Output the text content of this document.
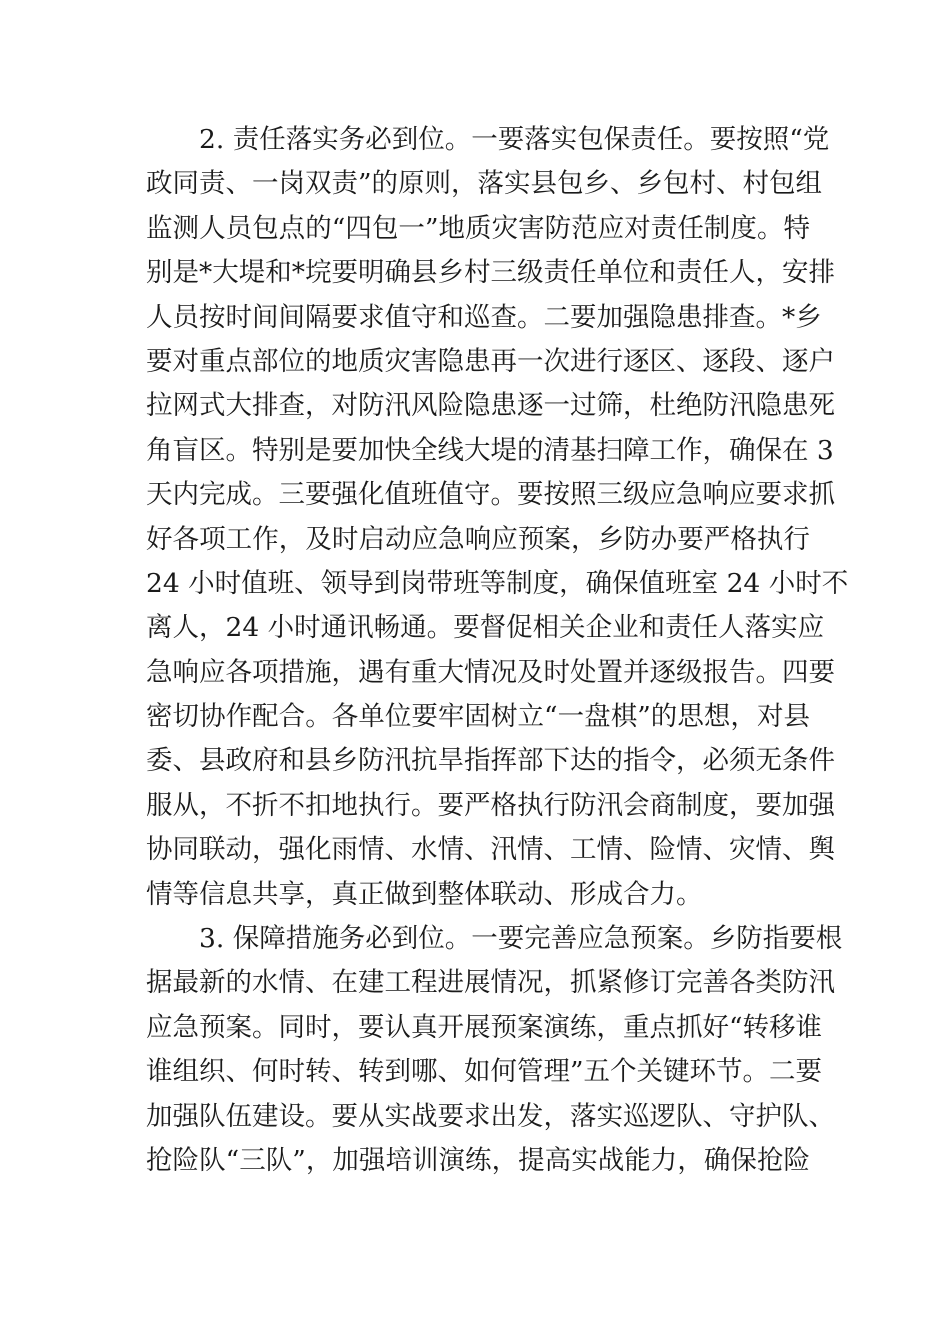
2. 责任落实务必到位。一要落实包保责任。要按照“党
政同责、一岗双责”的原则，落实县包乡、乡包村、村包组
监测人员包点的“四包一”地质灾害防范应对责任制度。特
别是*大堤和*垸要明确县乡村三级责任单位和责任人，安排
人员按时间间隔要求值守和巡查。二要加强隐患排查。*乡
要对重点部位的地质灾害隐患再一次进行逐区、逐段、逐户
拉网式大排查，对防汛风险隐患逐一过筛，杜绝防汛隐患死
角盲区。特别是要加快全线大堤的清基扫障工作，确保在 3
天内完成。三要强化值班值守。要按照三级应急响应要求抓
好各项工作，及时启动应急响应预案，乡防办要严格执行
24 小时值班、领导到岗带班等制度，确保值班室 24 小时不
离人，24 小时通讯畅通。要督促相关企业和责任人落实应
急响应各项措施，遇有重大情况及时处置并逐级报告。四要
密切协作配合。各单位要牢固树立“一盘棋”的思想，对县
委、县政府和县乡防汛抗旱指挥部下达的指令，必须无条件
服从，不折不扣地执行。要严格执行防汛会商制度，要加强
协同联动，强化雨情、水情、汛情、工情、险情、灾情、舆
情等信息共享，真正做到整体联动、形成合力。
3. 保障措施务必到位。一要完善应急预案。乡防指要根
据最新的水情、在建工程进展情况，抓紧修订完善各类防汛
应急预案。同时，要认真开展预案演练，重点抓好“转移谁
谁组织、何时转、转到哪、如何管理”五个关键环节。二要
加强队伍建设。要从实战要求出发，落实巡逻队、守护队、
抢险队“三队”，加强培训演练，提高实战能力，确保抢险
